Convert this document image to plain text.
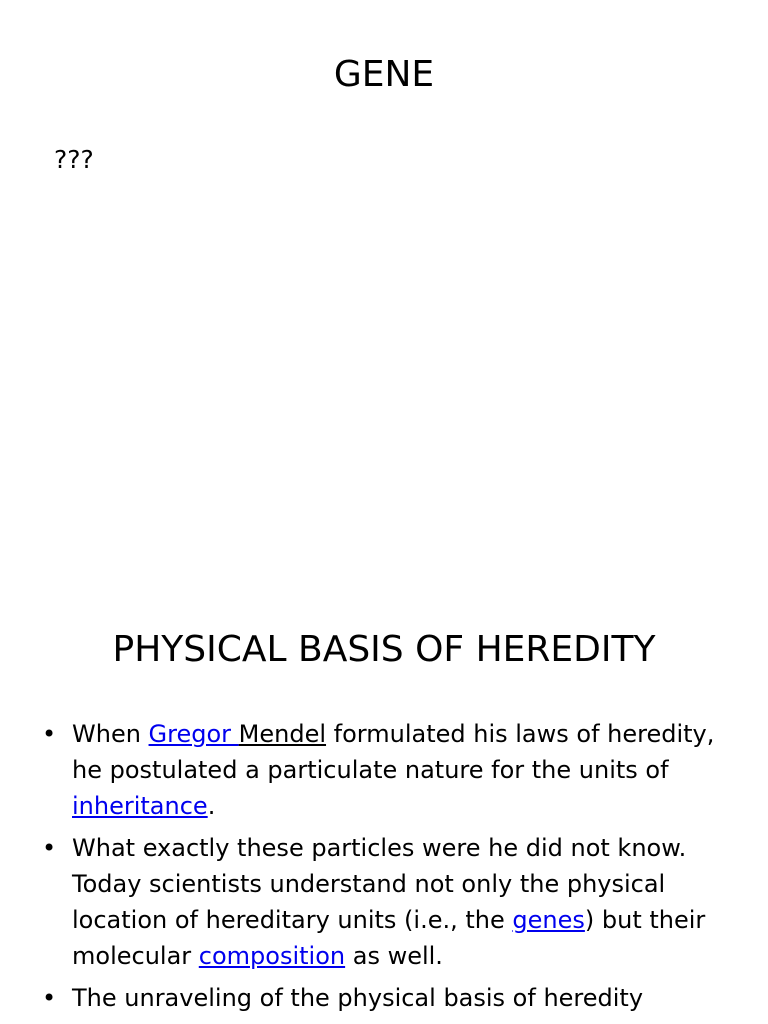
GENE
???
PHYSICAL BASIS OF HEREDITY
• When Gregor Mendel formulated his laws of heredity, he postulated a particulate nature for the units of inheritance.
• What exactly these particles were he did not know. Today scientists understand not only the physical location of hereditary units (i.e., the genes) but their molecular composition as well.
• The unraveling of the physical basis of heredity
